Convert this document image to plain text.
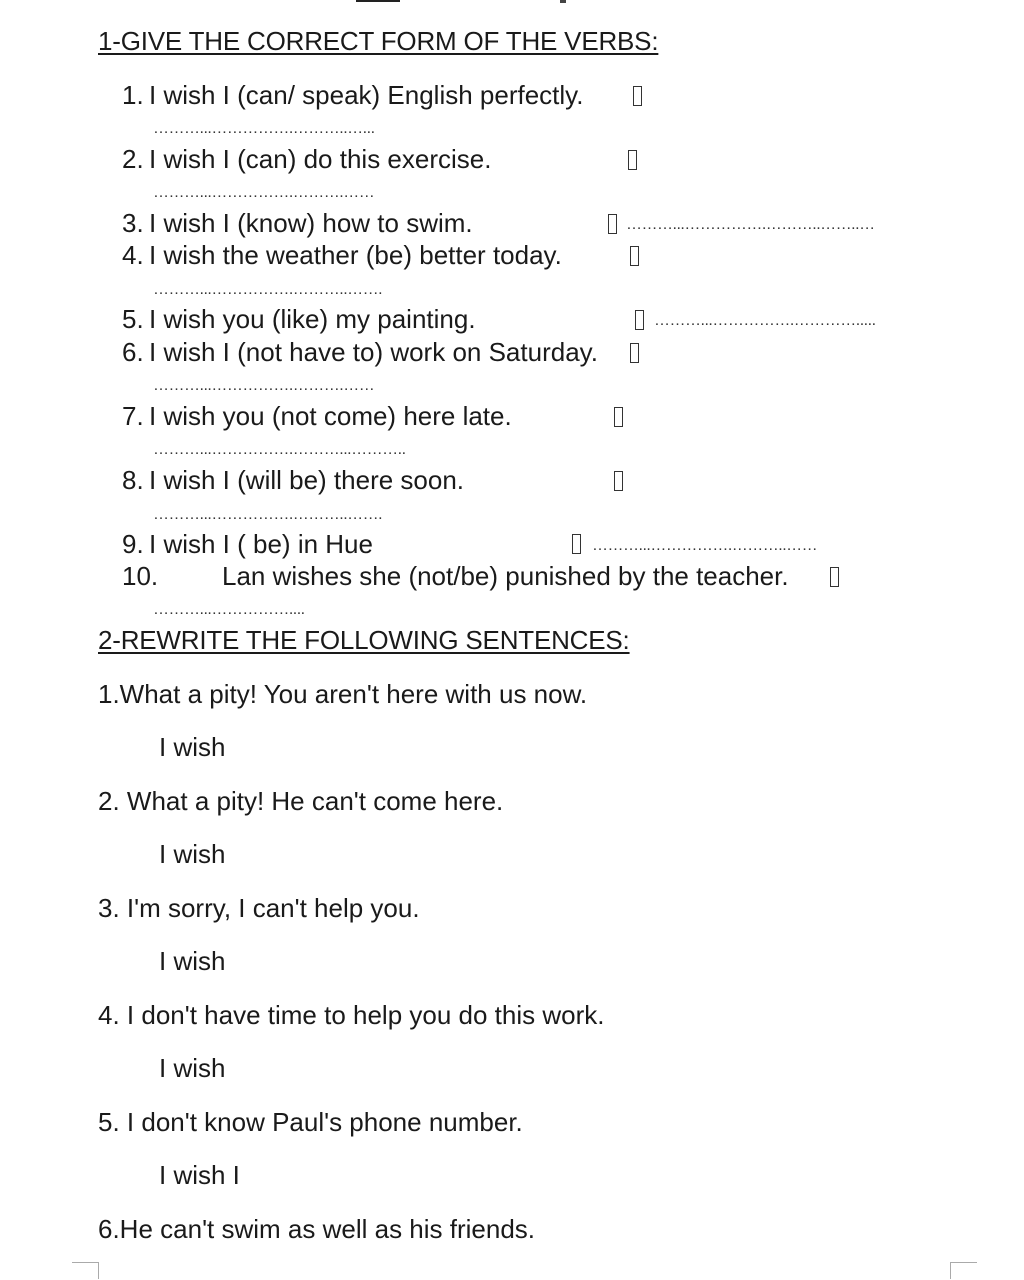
1-GIVE THE CORRECT FORM OF THE VERBS:
1. I wish I (can/ speak) English perfectly.
………...…………….………..…...
2. I wish I (can) do this exercise.
………...…………….……….……
3. I wish I (know) how to swim.	………...…………….………..……..…
4. I wish the weather (be) better today.
………...…………….………..…….
5. I wish you (like) my painting.	………...…………….………….....
6. I wish I (not have to) work on Saturday.
………...…………….……….……
7. I wish you (not come) here late.
………...…………….………...………..
8. I wish I (will be) there soon.
………...…………….………..…….
9. I wish I ( be) in Hue	………...…………….………..……
10. Lan wishes she (not/be) punished by the teacher.
………...……………....
2-REWRITE THE FOLLOWING SENTENCES:
1.What a pity! You aren't here with us now.
I wish
2. What a pity! He can't come here.
I wish
3. I'm sorry, I can't help you.
I wish
4. I don't have time to help you do this work.
I wish
5. I don't know Paul's phone number.
I wish I
6.He can't swim as well as his friends.
